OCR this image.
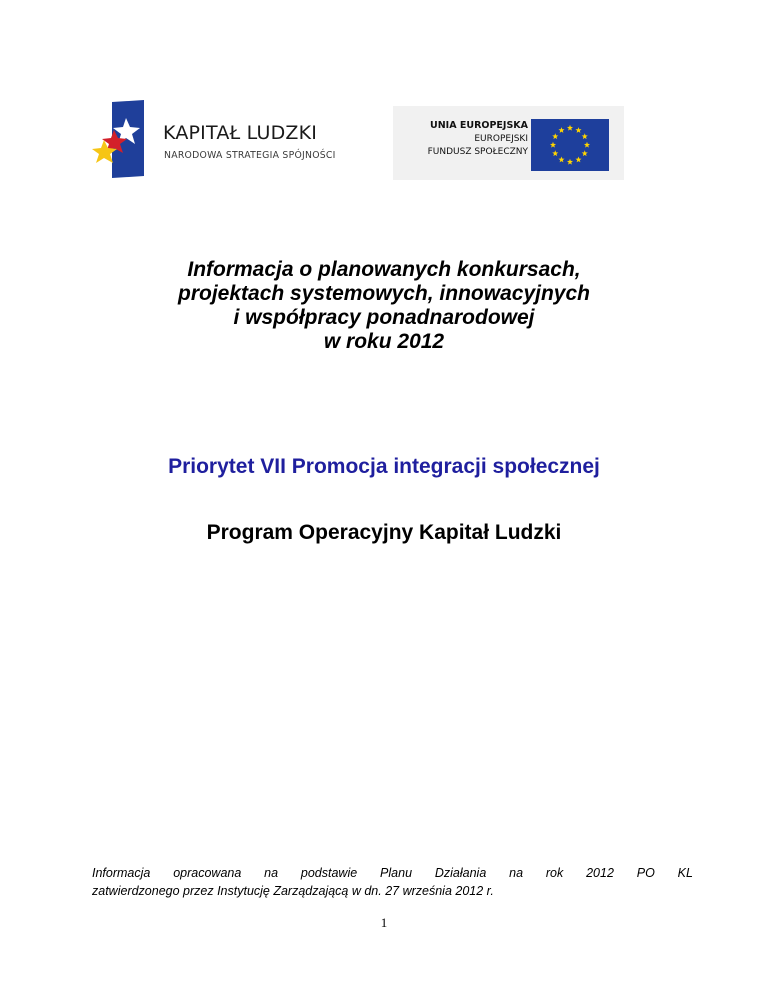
KAPITAŁ LUDZKI
NARODOWA STRATEGIA SPÓJNOŚCI
UNIA EUROPEJSKA
EUROPEJSKI
FUNDUSZ SPOŁECZNY
Informacja o planowanych konkursach,
projektach systemowych, innowacyjnych
i współpracy ponadnarodowej
w roku 2012
Priorytet VII Promocja integracji społecznej
Program Operacyjny Kapitał Ludzki
Informacja opracowana na podstawie Planu Działania na rok 2012 PO KL
zatwierdzonego przez Instytucję Zarządzającą w dn. 27 września 2012 r.
1
